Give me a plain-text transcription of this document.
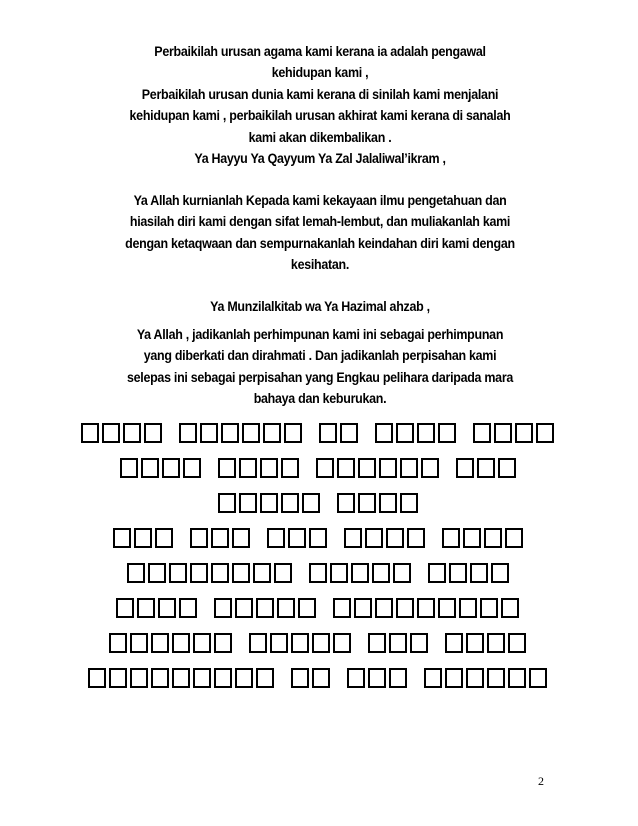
Perbaikilah urusan agama kami kerana ia adalah pengawal
kehidupan kami ,
Perbaikilah urusan dunia kami kerana di sinilah kami menjalani
kehidupan kami , perbaikilah urusan akhirat kami kerana di sanalah
kami akan dikembalikan .
Ya Hayyu Ya Qayyum Ya Zal Jalaliwal’ikram ,
Ya Allah kurnianlah Kepada kami kekayaan ilmu pengetahuan dan
hiasilah diri kami dengan sifat lemah-lembut, dan muliakanlah kami
dengan ketaqwaan dan sempurnakanlah keindahan diri kami dengan
kesihatan.
Ya Munzilalkitab wa Ya Hazimal ahzab ,
Ya Allah , jadikanlah perhimpunan kami ini sebagai perhimpunan
yang diberkati dan dirahmati . Dan jadikanlah perpisahan kami
selepas ini sebagai perpisahan yang Engkau pelihara daripada mara
bahaya dan keburukan.
2
